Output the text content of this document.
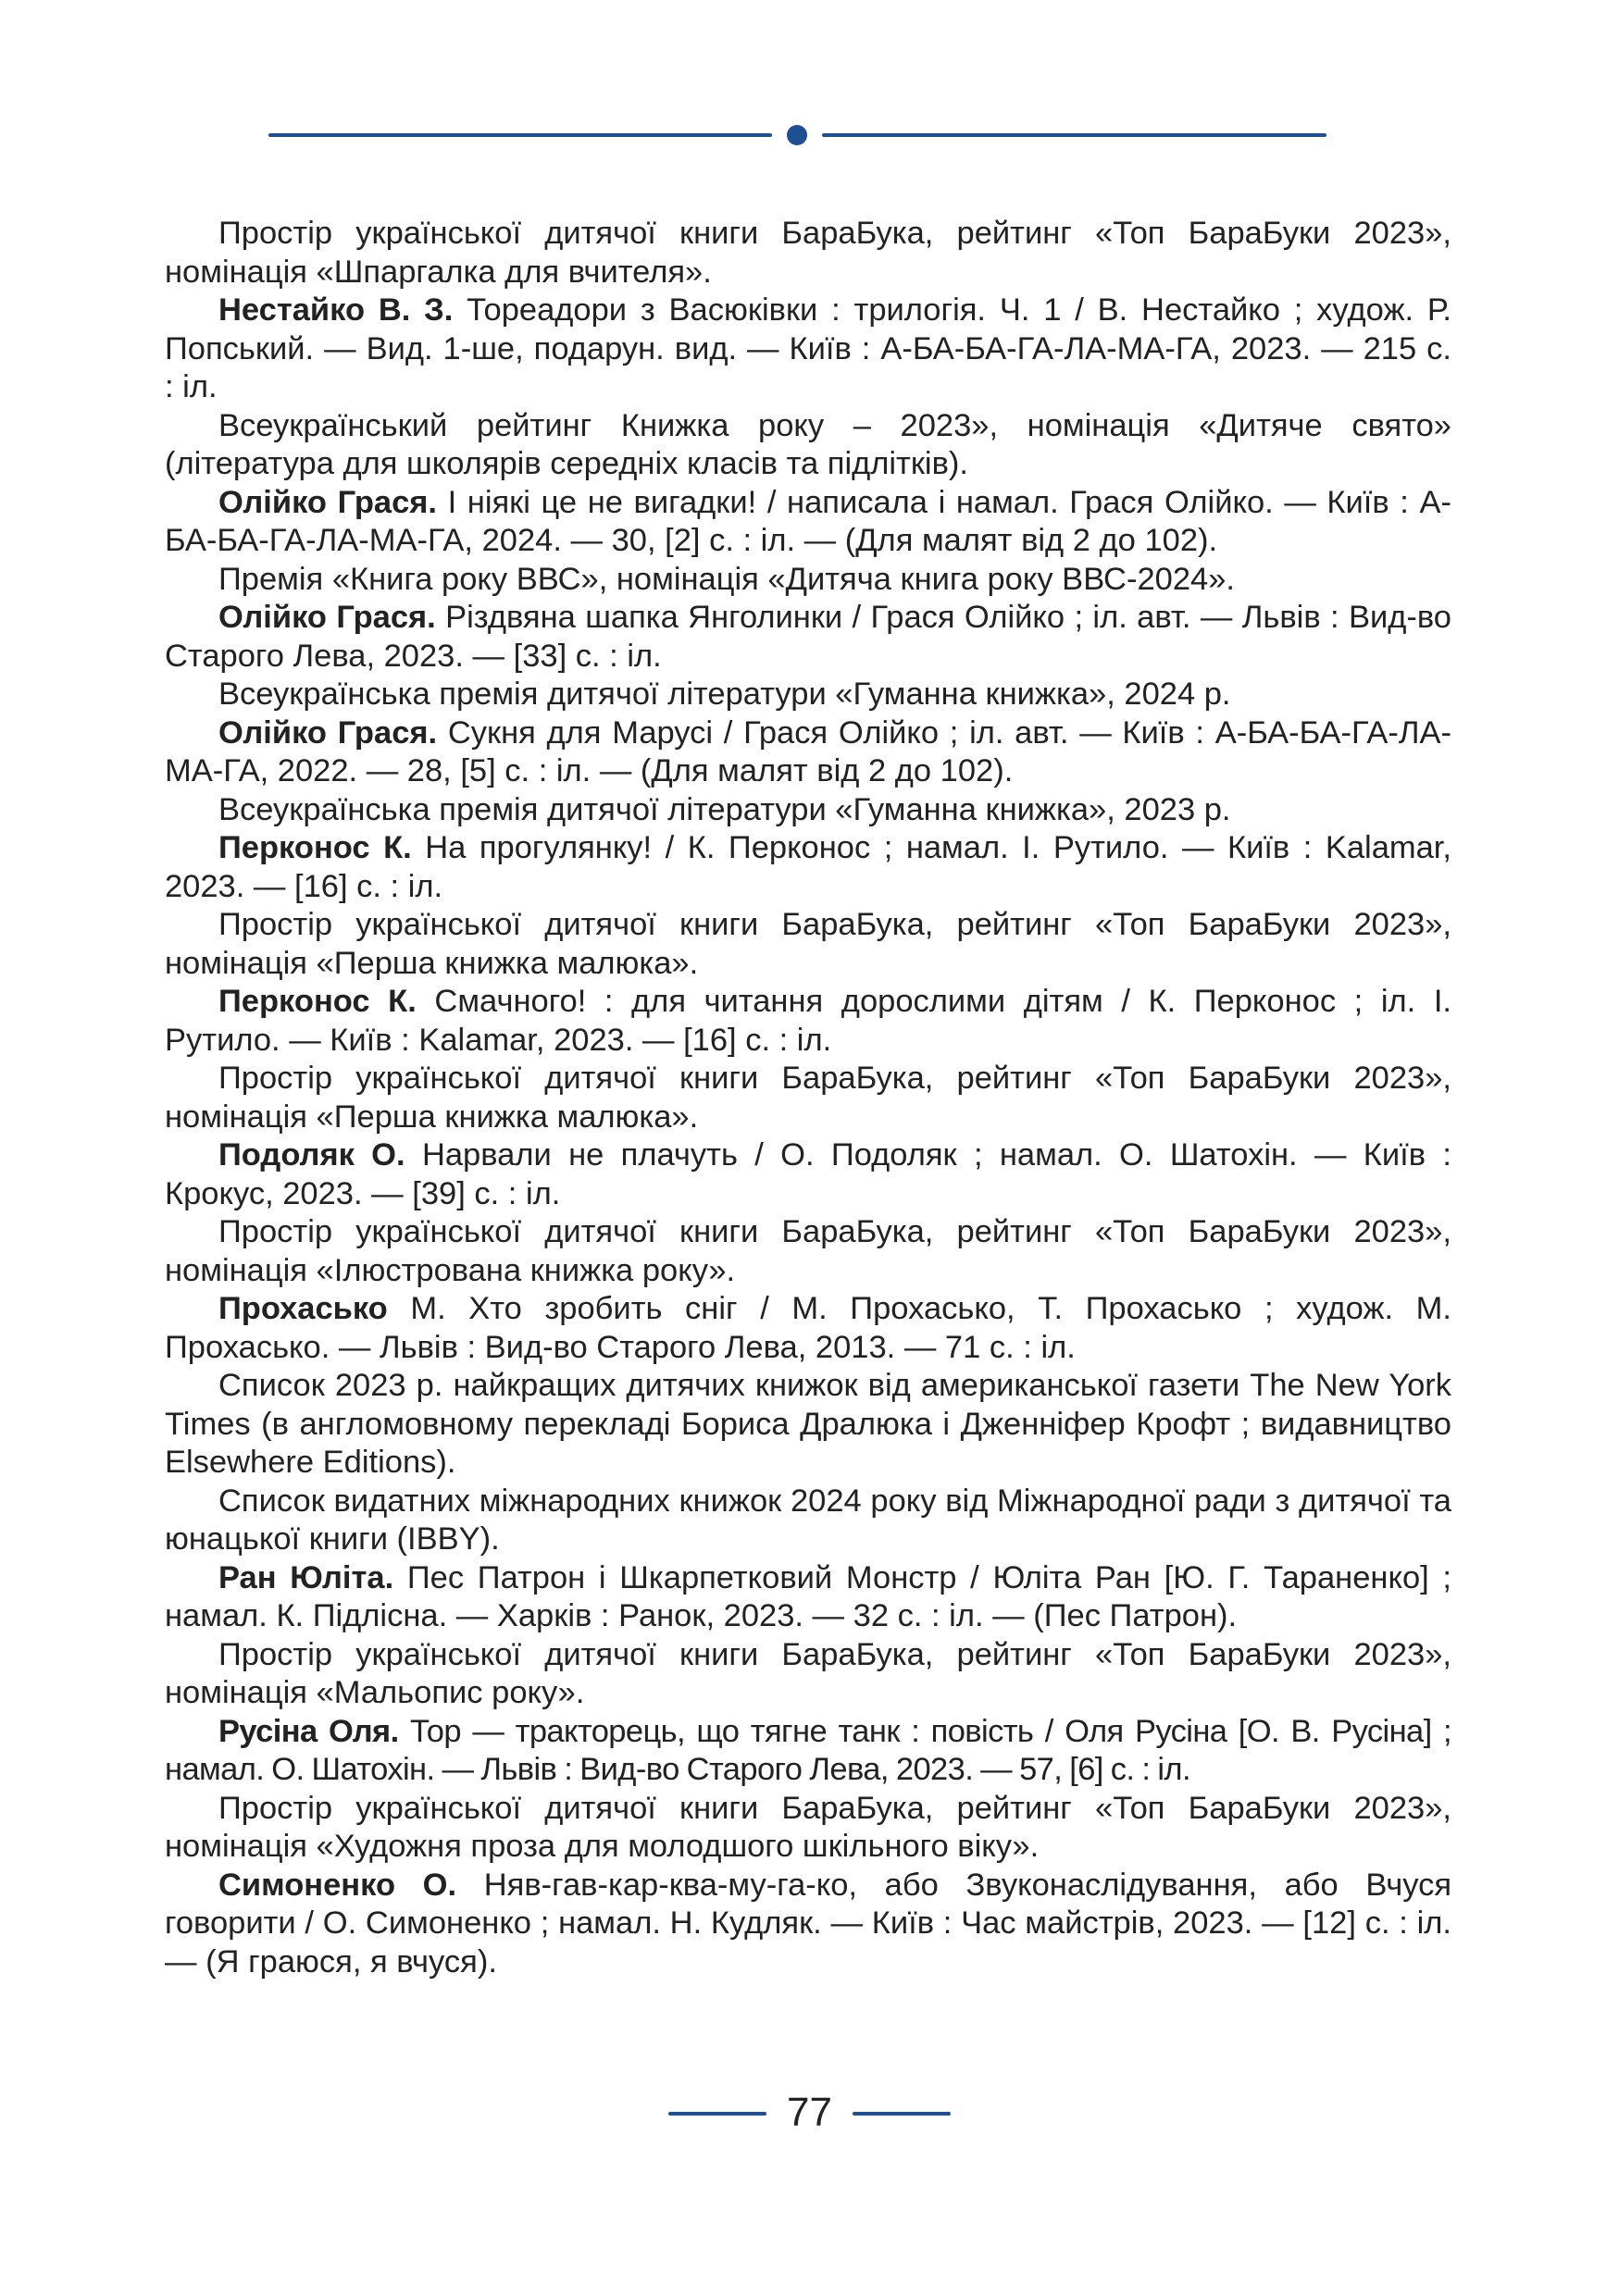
Простір української дитячої книги БараБука, рейтинг «Топ БараБуки 2023», номінація «Шпаргалка для вчителя».

Нестайко В. З. Тореадори з Васюківки : трилогія. Ч. 1 / В. Нестайко ; худож. Р. Попський. — Вид. 1-ше, подарун. вид. — Київ : А-БА-БА-ГА-ЛА-МА-ГА, 2023. — 215 с. : іл.

Всеукраїнський рейтинг Книжка року – 2023», номінація «Дитяче свято» (література для школярів середніх класів та підлітків).

Олійко Грася. І ніякі це не вигадки! / написала і намал. Грася Олійко. — Київ : А-БА-БА-ГА-ЛА-МА-ГА, 2024. — 30, [2] с. : іл. — (Для малят від 2 до 102).

Премія «Книга року ВВС», номінація «Дитяча книга року ВВС-2024».

Олійко Грася. Різдвяна шапка Янголинки / Грася Олійко ; іл. авт. — Львів : Вид-во Старого Лева, 2023. — [33] с. : іл.

Всеукраїнська премія дитячої літератури «Гуманна книжка», 2024 р.

Олійко Грася. Сукня для Марусі / Грася Олійко ; іл. авт. — Київ : А-БА-БА-ГА-ЛА-МА-ГА, 2022. — 28, [5] с. : іл. — (Для малят від 2 до 102).

Всеукраїнська премія дитячої літератури «Гуманна книжка», 2023 р.

Перконос К. На прогулянку! / К. Перконос ; намал. І. Рутило. — Київ : Kalamar, 2023. — [16] с. : іл.

Простір української дитячої книги БараБука, рейтинг «Топ БараБуки 2023», номінація «Перша книжка малюка».

Перконос К. Смачного! : для читання дорослими дітям / К. Перконос ; іл. І. Рутило. — Київ : Kalamar, 2023. — [16] с. : іл.

Простір української дитячої книги БараБука, рейтинг «Топ БараБуки 2023», номінація «Перша книжка малюка».

Подоляк О. Нарвали не плачуть / О. Подоляк ; намал. О. Шатохін. — Київ : Крокус, 2023. — [39] с. : іл.

Простір української дитячої книги БараБука, рейтинг «Топ БараБуки 2023», номінація «Ілюстрована книжка року».

Прохасько М. Хто зробить сніг / М. Прохасько, Т. Прохасько ; худож. М. Прохасько. — Львів : Вид-во Старого Лева, 2013. — 71 с. : іл.

Список 2023 р. найкращих дитячих книжок від американської газети The New York Times (в англомовному перекладі Бориса Дралюка і Дженніфер Крофт ; видавництво Elsewhere Editions).

Список видатних міжнародних книжок 2024 року від Міжнародної ради з дитячої та юнацької книги (IBBY).

Ран Юліта. Пес Патрон і Шкарпетковий Монстр / Юліта Ран [Ю. Г. Тараненко] ; намал. К. Підлісна. — Харків : Ранок, 2023. — 32 с. : іл. — (Пес Патрон).

Простір української дитячої книги БараБука, рейтинг «Топ БараБуки 2023», номінація «Мальопис року».

Русіна Оля. Тор — тракторець, що тягне танк : повість / Оля Русіна [О. В. Русіна] ; намал. О. Шатохін. — Львів : Вид-во Старого Лева, 2023. — 57, [6] с. : іл.

Простір української дитячої книги БараБука, рейтинг «Топ БараБуки 2023», номінація «Художня проза для молодшого шкільного віку».

Симоненко О. Няв-гав-кар-ква-му-га-ко, або Звуконаслідування, або Вчуся говорити / О. Симоненко ; намал. Н. Кудляк. — Київ : Час майстрів, 2023. — [12] с. : іл. — (Я граюся, я вчуся).

77
